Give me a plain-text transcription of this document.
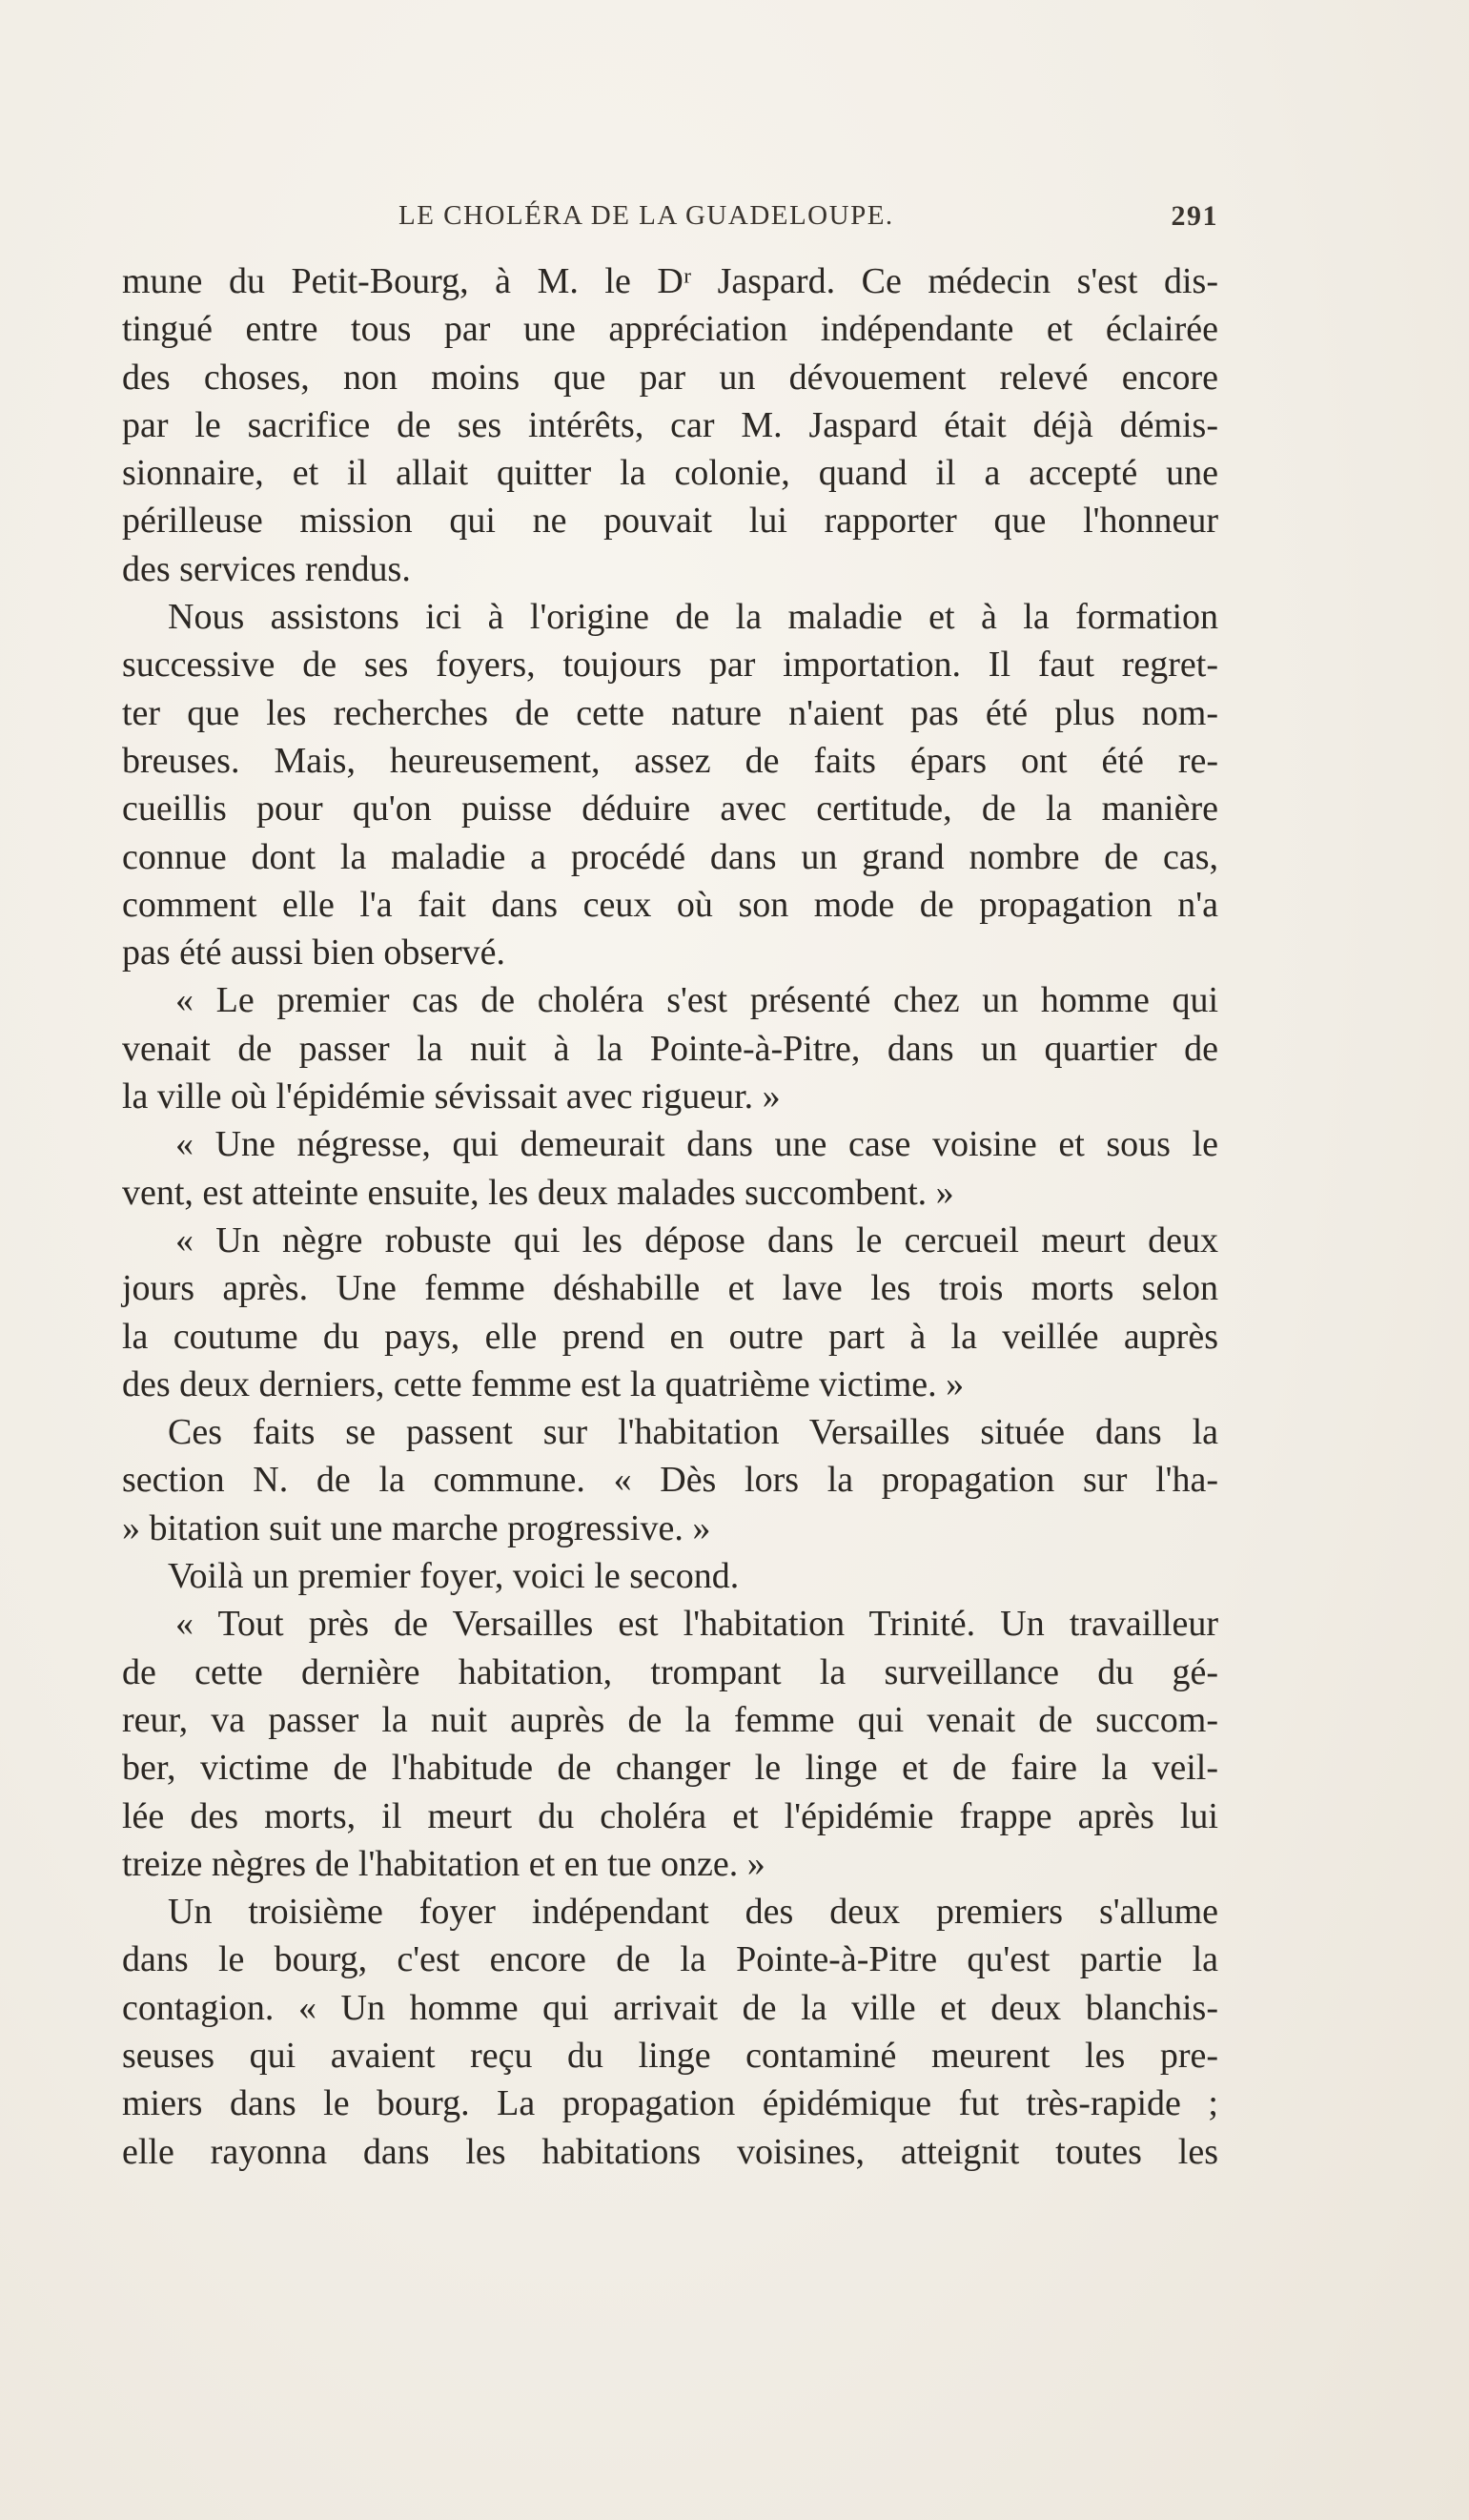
LE CHOLÉRA DE LA GUADELOUPE.	291
mune du Petit-Bourg, à M. le Dʳ Jaspard. Ce médecin s'est dis-
tingué entre tous par une appréciation indépendante et éclairée
des choses, non moins que par un dévouement relevé encore
par le sacrifice de ses intérêts, car M. Jaspard était déjà démis-
sionnaire, et il allait quitter la colonie, quand il a accepté une
périlleuse mission qui ne pouvait lui rapporter que l'honneur
des services rendus.
Nous assistons ici à l'origine de la maladie et à la formation
successive de ses foyers, toujours par importation. Il faut regret-
ter que les recherches de cette nature n'aient pas été plus nom-
breuses. Mais, heureusement, assez de faits épars ont été re-
cueillis pour qu'on puisse déduire avec certitude, de la manière
connue dont la maladie a procédé dans un grand nombre de cas,
comment elle l'a fait dans ceux où son mode de propagation n'a
pas été aussi bien observé.
« Le premier cas de choléra s'est présenté chez un homme qui
venait de passer la nuit à la Pointe-à-Pitre, dans un quartier de
la ville où l'épidémie sévissait avec rigueur. »
« Une négresse, qui demeurait dans une case voisine et sous le
vent, est atteinte ensuite, les deux malades succombent. »
« Un nègre robuste qui les dépose dans le cercueil meurt deux
jours après. Une femme déshabille et lave les trois morts selon
la coutume du pays, elle prend en outre part à la veillée auprès
des deux derniers, cette femme est la quatrième victime. »
Ces faits se passent sur l'habitation Versailles située dans la
section N. de la commune. « Dès lors la propagation sur l'ha-
» bitation suit une marche progressive. »
Voilà un premier foyer, voici le second.
« Tout près de Versailles est l'habitation Trinité. Un travailleur
de cette dernière habitation, trompant la surveillance du gé-
reur, va passer la nuit auprès de la femme qui venait de succom-
ber, victime de l'habitude de changer le linge et de faire la veil-
lée des morts, il meurt du choléra et l'épidémie frappe après lui
treize nègres de l'habitation et en tue onze. »
Un troisième foyer indépendant des deux premiers s'allume
dans le bourg, c'est encore de la Pointe-à-Pitre qu'est partie la
contagion. « Un homme qui arrivait de la ville et deux blanchis-
seuses qui avaient reçu du linge contaminé meurent les pre-
miers dans le bourg. La propagation épidémique fut très-rapide ;
elle rayonna dans les habitations voisines, atteignit toutes les
